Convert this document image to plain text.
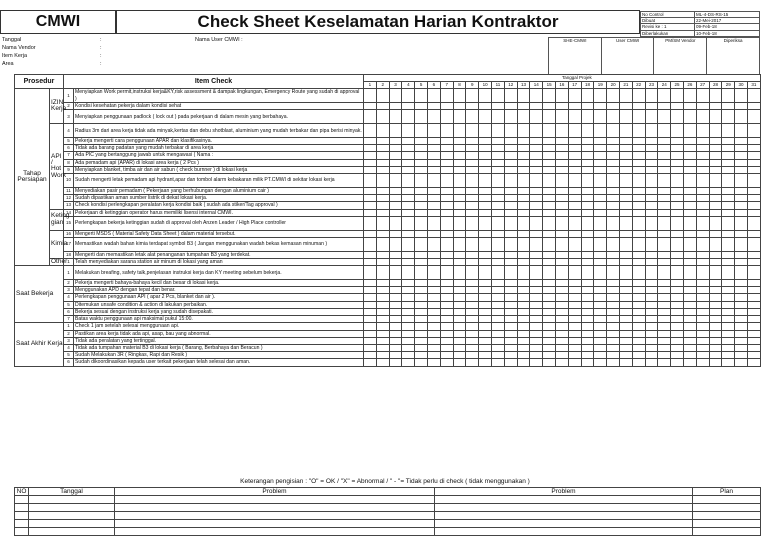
CMWI	Check Sheet Keselamatan Harian Kontraktor	No Control	ML-4-DS-RS-15
Dibuat	22-Mei-2017
Revisi ke : 1	09-Feb-18
Diberlakukan	10-Feb-18
Tanggal
Nama Vendor
Item Kerja
Area
:
:
:
:
Nama User CMWI :	SHE-CMWI	User CMWI	PM/SM Vendor	Diperiksa
Prosedur		Item Check		Tanggal Projek																														
				1	2	3	4	5	6	7	8	9	10	11	12	13	14	15	16	17	18	19	20	21	22	23	24	25	26	27	28	29	30	31
Tahap Persiapan	IZIN Kerja	1	Menyiapkan Work permit,instruksi kerja&KY,risk assessment & dampak lingkungan, Emergency Route yang sudah di approval )																															
		2	Kondisi kesehatan pekerja dalam kondisi sehat																															
		3	Menyiapkan penggunaan padlock ( lock out ) pada pekerjaan di dalam mesin yang berbahaya.																															
	API / Hot Work	4	Radius 3m dari area kerja tidak ada minyak,kertas dan debu shotblast, aluminium yang mudah terbakar dan pipa berisi minyak.																															
		5	Pekerja mengerti cara penggunaan APAR dan klasifikasinya.																															
		6	Tidak ada barang padatan yang mudah terbakar di area kerja																															
		7	Ada PIC yang bertanggung jawab untuk mengawasi ( Nama :																															
		8	Ada pemadam api (APAR) di lokasi area kerja ( 2 Pcs )																															
		9	Menyiapkan blanket, timba air dan air sabun ( check burnner ) di lokasi kerja																															
		10	Sudah mengerti letak pemadam api hydrant,apar dan tombol alarm kebakaran milik PT.CMWI di sekitar lokasi kerja																															
		11	Menyediakan pasir pemadam ( Pekerjaan yang berhubungan dengan aluminium cair )																															
		12	Sudah dipastikan aman sumber listrik di dekat lokasi kerja.																															
		13	Check kondisi perlengkapan peralatan kerja kondisi baik ( sudah ada stiker/Tag approval )																															
	Keting gian	14	Pekerjaan di ketinggian operator harus memiliki lisensi internal CMWI.																															
		15	Perlengkapan bekerja ketinggian sudah di approval oleh Anzen Leader / High Place controller																															
	Kimia	16	Mengerti MSDS ( Material Safety Data Sheet ) dalam material tersebut.																															
		17	Memastikan wadah bahan kimia terdapat symbol B3 ( Jangan menggunakan wadah bekas kemasan minuman )																															
		18	Mengerti dan memastikan letak alat penanganan tumpahan B3 yang terdekat.																															
	Other	1	Telah menyediakan sarana station air minum di lokasi yang aman																															
Saat Bekerja		1	Melakukan breafing, safety talk,penjelasan instruksi kerja dan KY meeting sebelum bekerja.																															
		2	Pekerja mengerti bahaya-bahaya kecil dan besar di lokasi kerja.																															
		3	Menggunakan APD dengan tepat dan benar.																															
		4	Perlengkapan penggunaan API ( apar 2 Pcs, blanket dan air ).																															
		5	Ditemukan unsafe condition & action di lakukan perbaikan.																															
		6	Bekerja sesuai dengan instruksi kerja yang sudah disepakati.																															
		7	Batas waktu penggunaan api maksimal pukul 15:00.																															
Saat Akhir Kerja		1	Check 1 jam setelah selesai menggunaan api.																															
		2	Pastikan area kerja tidak ada api, asap, bau yang abnormal.																															
		3	Tidak ada peralatan yang tertinggal.																															
		4	Tidak ada tumpahan material B3 di lokasi kerja ( Barang, Berbahaya dan Beracun )																															
		5	Sudah Melakukan 3R ( Ringkas, Rapi dan Resik )																															
		6	Sudah dikoordinasikan kepada user terkait pekerjaan telah selesai dan aman.																															
Keterangan pengisian : "O" = OK / "X" = Abnormal / " - "= Tidak perlu di check ( tidak menggunakan )
NO	Tanggal	Problem	Problem	Plan
